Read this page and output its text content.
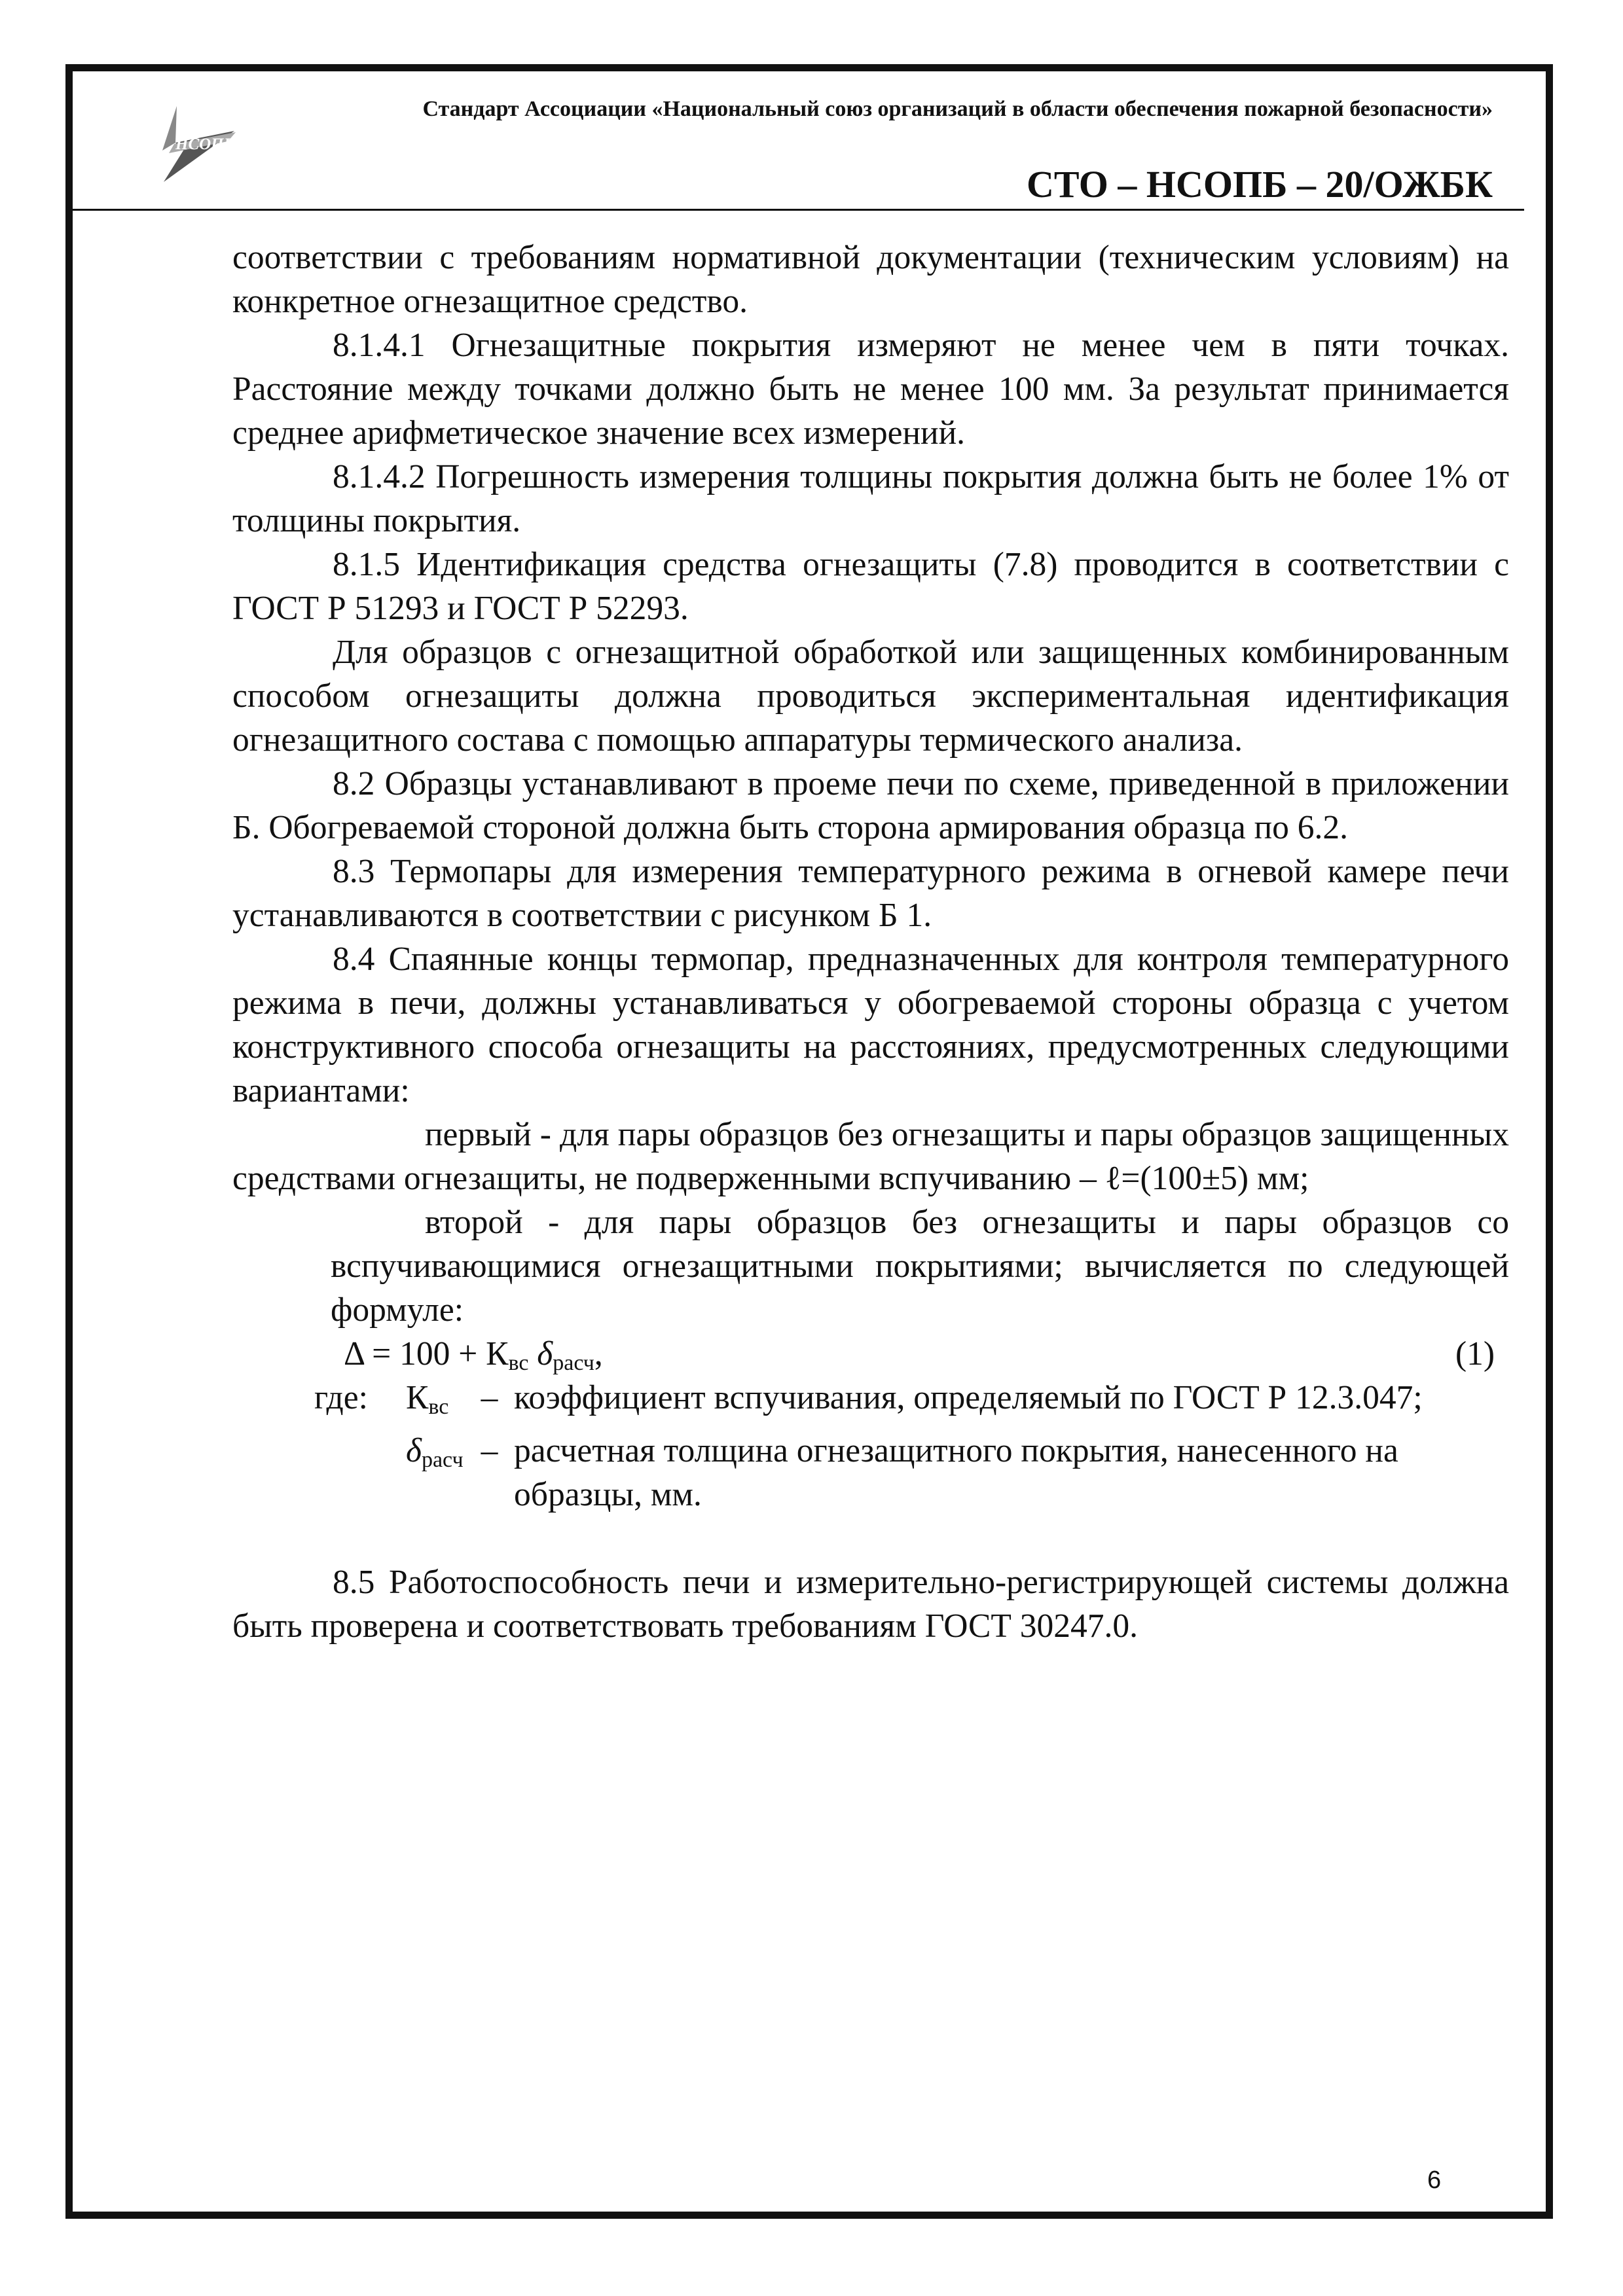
НСОПБ
Стандарт Ассоциации «Национальный союз организаций в области обеспечения пожарной безопасности»
СТО – НСОПБ – 20/ОЖБК

соответствии с требованиям нормативной документации (техническим условиям) на конкретное огнезащитное средство.

8.1.4.1 Огнезащитные покрытия измеряют не менее чем в пяти точках. Расстояние между точками должно быть не менее 100 мм. За результат принимается среднее арифметическое значение всех измерений.

8.1.4.2 Погрешность измерения толщины покрытия должна быть не более 1% от толщины покрытия.

8.1.5 Идентификация средства огнезащиты (7.8) проводится в соответствии с ГОСТ Р 51293 и ГОСТ Р 52293.

Для образцов с огнезащитной обработкой или защищенных комбинированным способом огнезащиты должна проводиться экспериментальная идентификация огнезащитного состава с помощью аппаратуры термического анализа.

8.2 Образцы устанавливают в проеме печи по схеме, приведенной в приложении Б. Обогреваемой стороной должна быть сторона армирования образца по 6.2.

8.3 Термопары для измерения температурного режима в огневой камере печи устанавливаются в соответствии с рисунком Б 1.

8.4 Спаянные концы термопар, предназначенных для контроля температурного режима в печи, должны устанавливаться у обогреваемой стороны образца с учетом конструктивного способа огнезащиты на расстояниях, предусмотренных следующими вариантами:

первый - для пары образцов без огнезащиты и пары образцов защищенных средствами огнезащиты, не подверженными вспучиванию – ℓ=(100±5) мм;

второй - для пары образцов без огнезащиты и пары образцов со вспучивающимися огнезащитными покрытиями; вычисляется по следующей формуле:

$\Delta = 100 + К_{вс}$ $\delta_{расч}$,	(1)
где: $К_{вс}$ – коэффициент вспучивания, определяемый по ГОСТ Р 12.3.047;
$\delta_{расч}$ – расчетная толщина огнезащитного покрытия, нанесенного на образцы, мм.

8.5 Работоспособность печи и измерительно-регистрирующей системы должна быть проверена и соответствовать требованиям ГОСТ 30247.0.

6
